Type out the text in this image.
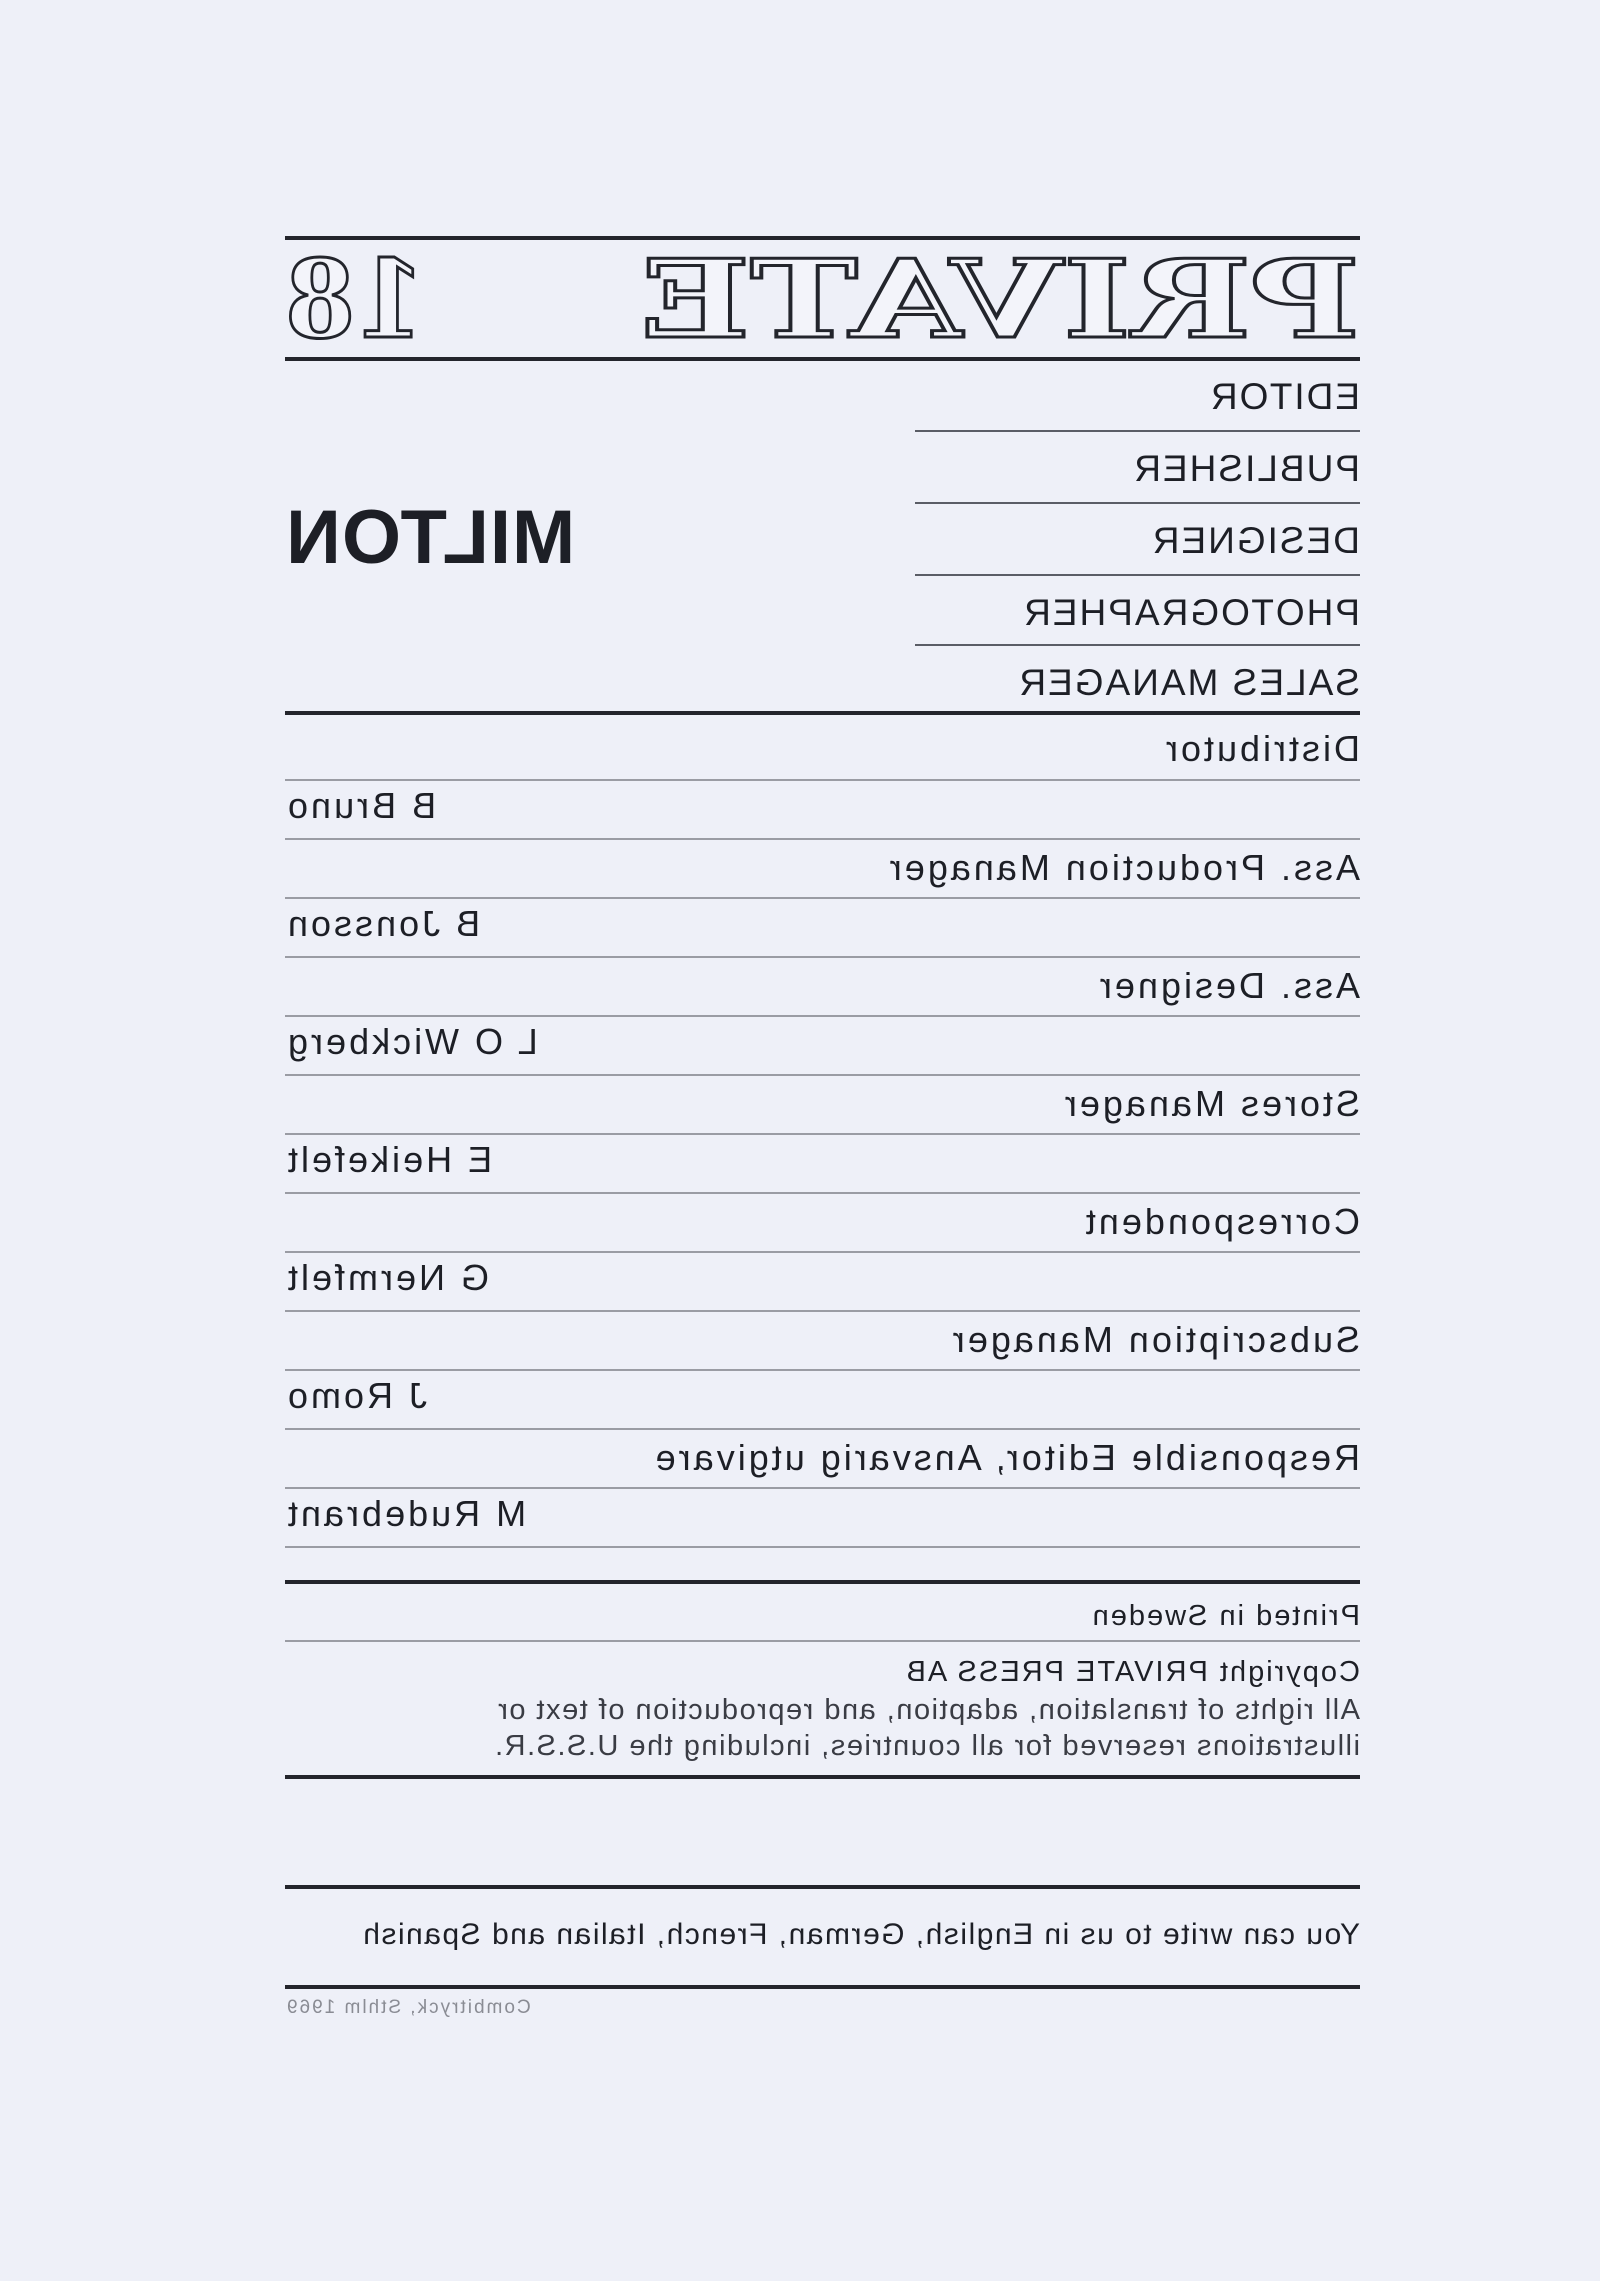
PRIVATE
18
EDITOR
PUBLISHER
DESIGNER
PHOTOGRAPHER
SALES MANAGER
MILTON
Distributor
B Bruno
Ass. Production Manager
B Jonsson
Ass. Designer
L O Wickberg
Stores Manager
E Heikefelt
Correspondent
G Nermfelt
Subscription Manager
J Romo
Responsible Editor, Ansvarig utgivare
M Rudebrant
Printed in Sweden
Copyright PRIVATE PRESS AB
All rights of translation, adaption, and reproduction of text or
illustrations reserved for all countries, including the U.S.S.R.
You can write to us in English, German, French, Italian and Spanish
Combitryck, Sthlm 1969
